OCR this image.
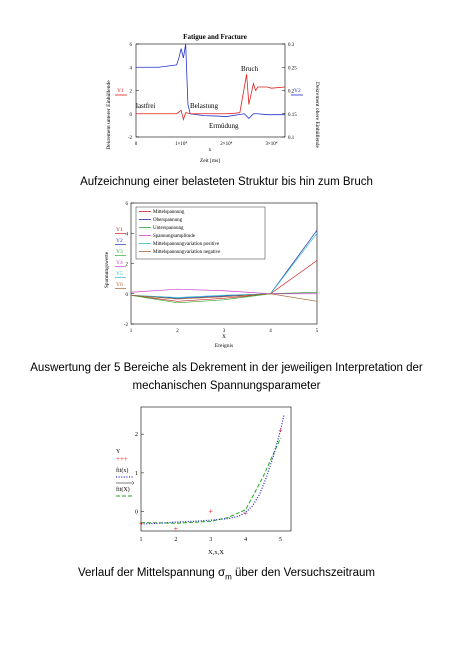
Fatigue and Fracture
Dekrement unterer Einhüllende	Dekrement obere Einhüllende
Y1	Y2
6
4
2
0
-2
0.3
0.25
0.2
0.15
0.1
0	1×10⁴	2×10⁴	3×10⁴
lastfrei	Belastung
Ermüdung
Bruch
x
Zeit [ms]
Aufzeichnung einer belasteten Struktur bis hin zum Bruch
Spannungswerte
Y1
Y2
Y3
Y4
Y5
Y6
6
4
2
0
-2
1	2	3	4	5
Mittelspannung
Oberspannung
Unterspannung
Spannungsamplitude
Mittelspannungvariation positive
Mittelspannungvariation negative
X
Ereignis
Auswertung der 5 Bereiche als Dekrement in der jeweiligen Interpretation der
mechanischen Spannungsparameter
2
1
0
1	2	3	4	5
+
+
+	+
+
Y
+++
fit(x)
fit(X)
X,x,X
Verlauf der Mittelspannung $\sigma_m$ über den Versuchszeitraum
